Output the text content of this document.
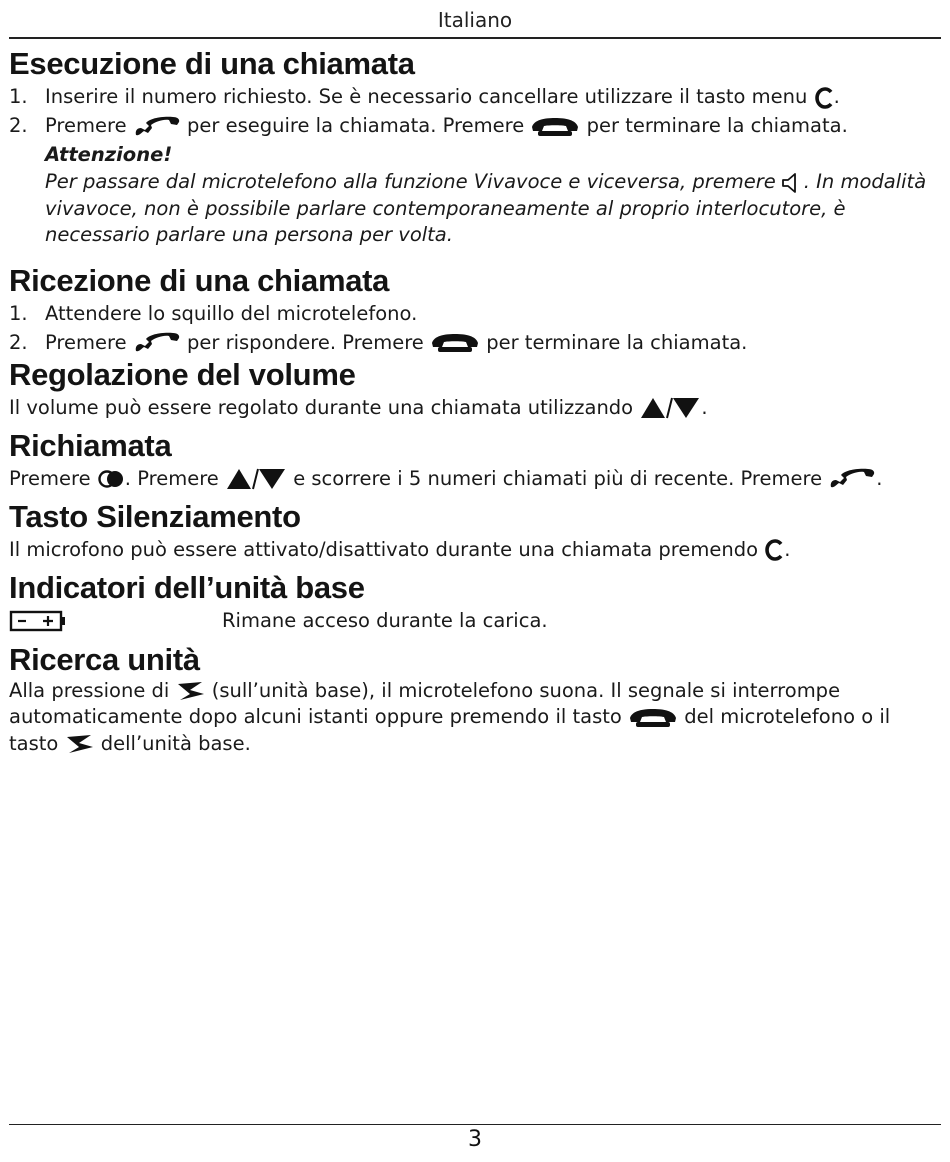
Italiano
Esecuzione di una chiamata
1. Inserire il numero richiesto. Se è necessario cancellare utilizzare il tasto menu .
2. Premere	per eseguire la chiamata. Premere	per terminare la chiamata.
Attenzione!
Per passare dal microtelefono alla funzione Vivavoce e viceversa, premere . In modalità vivavoce, non è possibile parlare contemporaneamente al proprio interlocutore, è necessario parlare una persona per volta.
Ricezione di una chiamata
1. Attendere lo squillo del microtelefono.
2. Premere	per rispondere. Premere	per terminare la chiamata.
Regolazione del volume
Il volume può essere regolato durante una chiamata utilizzando	.
Richiamata
Premere . Premere	e scorrere i 5 numeri chiamati più di recente. Premere	.
Tasto Silenziamento
Il microfono può essere attivato/disattivato durante una chiamata premendo .
Indicatori dell’unità base
Rimane acceso durante la carica.
Ricerca unità
Alla pressione di (sull’unità base), il microtelefono suona. Il segnale si interrompe
automaticamente dopo alcuni istanti oppure premendo il tasto	del microtelefono o il
tasto dell’unità base.
3
